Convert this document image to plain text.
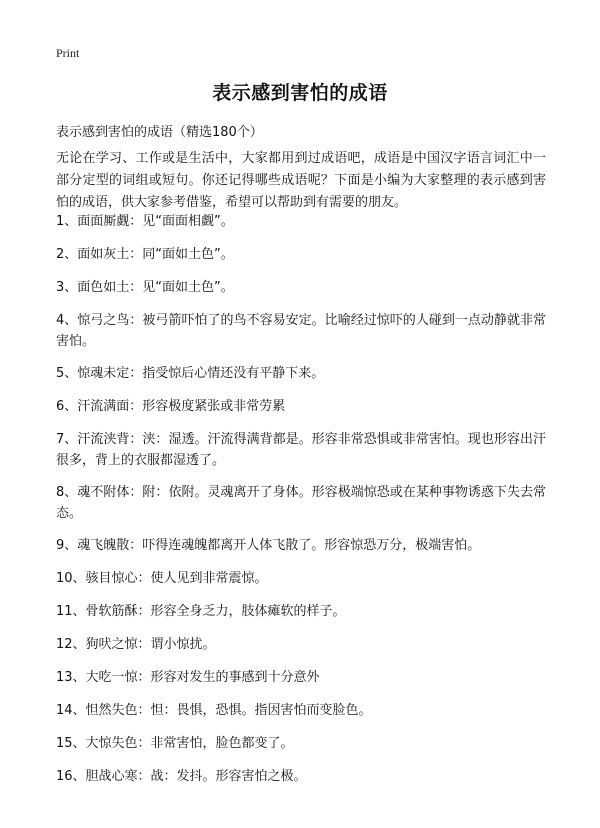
Print
表示感到害怕的成语
表示感到害怕的成语（精选180个）
无论在学习、工作或是生活中，大家都用到过成语吧，成语是中国汉字语言词汇中一部分定型的词组或短句。你还记得哪些成语呢？下面是小编为大家整理的表示感到害怕的成语，供大家参考借鉴，希望可以帮助到有需要的朋友。
1、面面厮觑：见“面面相觑”。
2、面如灰土：同“面如土色”。
3、面色如土：见“面如土色”。
4、惊弓之鸟：被弓箭吓怕了的鸟不容易安定。比喻经过惊吓的人碰到一点动静就非常害怕。
5、惊魂未定：指受惊后心情还没有平静下来。
6、汗流满面：形容极度紧张或非常劳累
7、汗流浃背：浃：湿透。汗流得满背都是。形容非常恐惧或非常害怕。现也形容出汗很多，背上的衣服都湿透了。
8、魂不附体：附：依附。灵魂离开了身体。形容极端惊恐或在某种事物诱惑下失去常态。
9、魂飞魄散：吓得连魂魄都离开人体飞散了。形容惊恐万分，极端害怕。
10、骇目惊心：使人见到非常震惊。
11、骨软筋酥：形容全身乏力，肢体瘫软的样子。
12、狗吠之惊：谓小惊扰。
13、大吃一惊：形容对发生的事感到十分意外
14、怛然失色：怛：畏惧，恐惧。指因害怕而变脸色。
15、大惊失色：非常害怕，脸色都变了。
16、胆战心寒：战：发抖。形容害怕之极。
